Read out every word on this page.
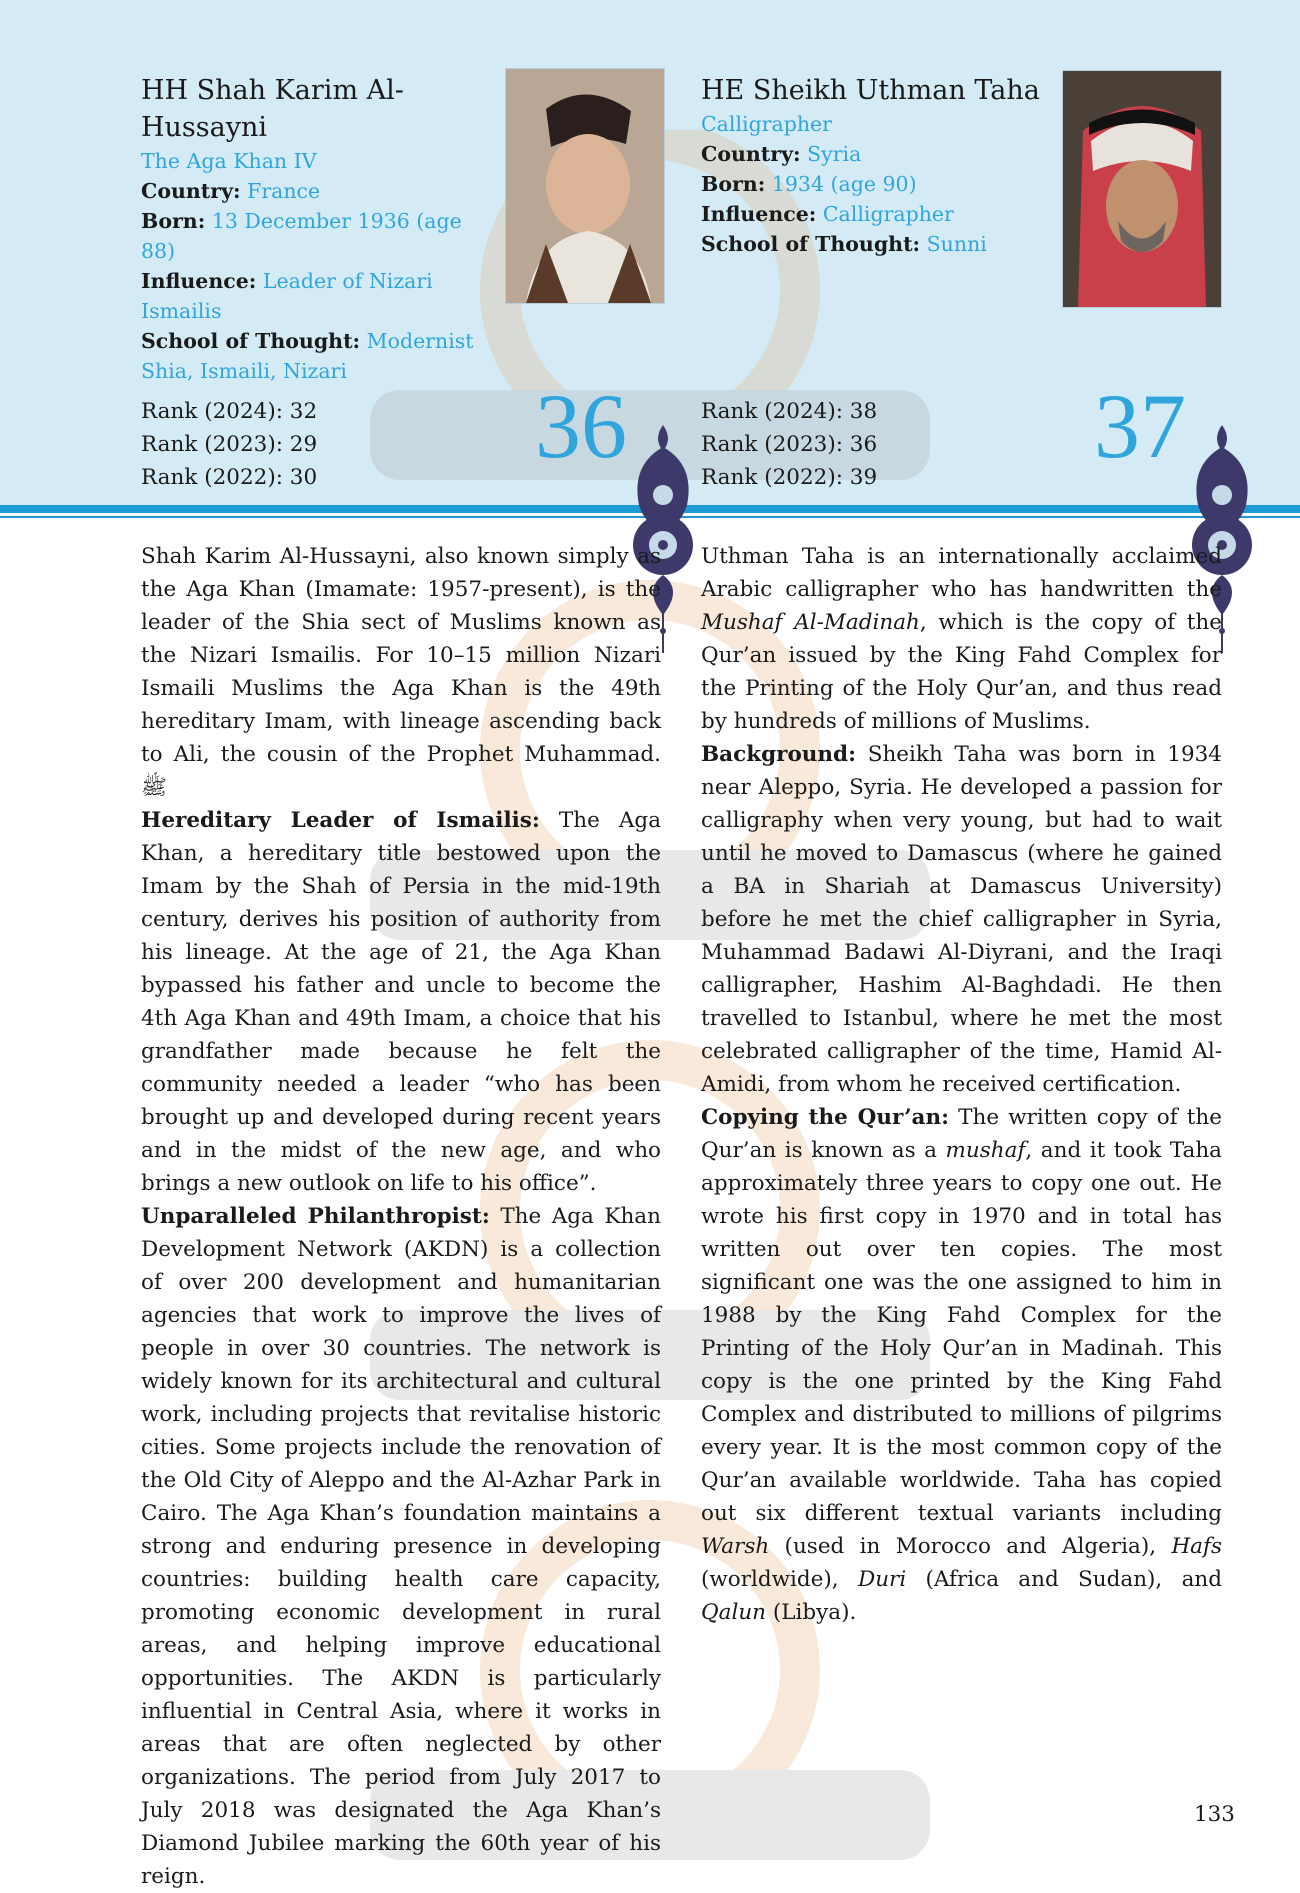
HH Shah Karim Al-Hussayni
The Aga Khan IV
Country: France
Born: 13 December 1936 (age 88)
Influence: Leader of Nizari Ismailis
School of Thought: Modernist Shia, Ismaili, Nizari
HE Sheikh Uthman Taha
Calligrapher
Country: Syria
Born: 1934 (age 90)
Influence: Calligrapher
School of Thought: Sunni
Rank (2024): 32
Rank (2023): 29
Rank (2022): 30
36	Rank (2024): 38
Rank (2023): 36
Rank (2022): 39
37

Shah Karim Al-Hussayni, also known simply as the Aga Khan (Imamate: 1957-present), is the leader of the Shia sect of Muslims known as the Nizari Ismailis. For 10–15 million Nizari Ismaili Muslims the Aga Khan is the 49th hereditary Imam, with lineage ascending back to Ali, the cousin of the Prophet Muhammad. ﷺ

Hereditary Leader of Ismailis: The Aga Khan, a hereditary title bestowed upon the Imam by the Shah of Persia in the mid-19th century, derives his position of authority from his lineage. At the age of 21, the Aga Khan bypassed his father and uncle to become the 4th Aga Khan and 49th Imam, a choice that his grandfather made because he felt the community needed a leader “who has been brought up and developed during recent years and in the midst of the new age, and who brings a new outlook on life to his office”.

Unparalleled Philanthropist: The Aga Khan Development Network (AKDN) is a collection of over 200 development and humanitarian agencies that work to improve the lives of people in over 30 countries. The network is widely known for its architectural and cultural work, including projects that revitalise historic cities. Some projects include the renovation of the Old City of Aleppo and the Al-Azhar Park in Cairo. The Aga Khan’s foundation maintains a strong and enduring presence in developing countries: building health care capacity, promoting economic development in rural areas, and helping improve educational opportunities. The AKDN is particularly influential in Central Asia, where it works in areas that are often neglected by other organizations. The period from July 2017 to July 2018 was designated the Aga Khan’s Diamond Jubilee marking the 60th year of his reign.

Uthman Taha is an internationally acclaimed Arabic calligrapher who has handwritten the Mushaf Al-Madinah, which is the copy of the Qur’an issued by the King Fahd Complex for the Printing of the Holy Qur’an, and thus read by hundreds of millions of Muslims.

Background: Sheikh Taha was born in 1934 near Aleppo, Syria. He developed a passion for calligraphy when very young, but had to wait until he moved to Damascus (where he gained a BA in Shariah at Damascus University) before he met the chief calligrapher in Syria, Muhammad Badawi Al-Diyrani, and the Iraqi calligrapher, Hashim Al-Baghdadi. He then travelled to Istanbul, where he met the most celebrated calligrapher of the time, Hamid Al-Amidi, from whom he received certification.

Copying the Qur’an: The written copy of the Qur’an is known as a mushaf, and it took Taha approximately three years to copy one out. He wrote his first copy in 1970 and in total has written out over ten copies. The most significant one was the one assigned to him in 1988 by the King Fahd Complex for the Printing of the Holy Qur’an in Madinah. This copy is the one printed by the King Fahd Complex and distributed to millions of pilgrims every year. It is the most common copy of the Qur’an available worldwide. Taha has copied out six different textual variants including Warsh (used in Morocco and Algeria), Hafs (worldwide), Duri (Africa and Sudan), and Qalun (Libya).

133
